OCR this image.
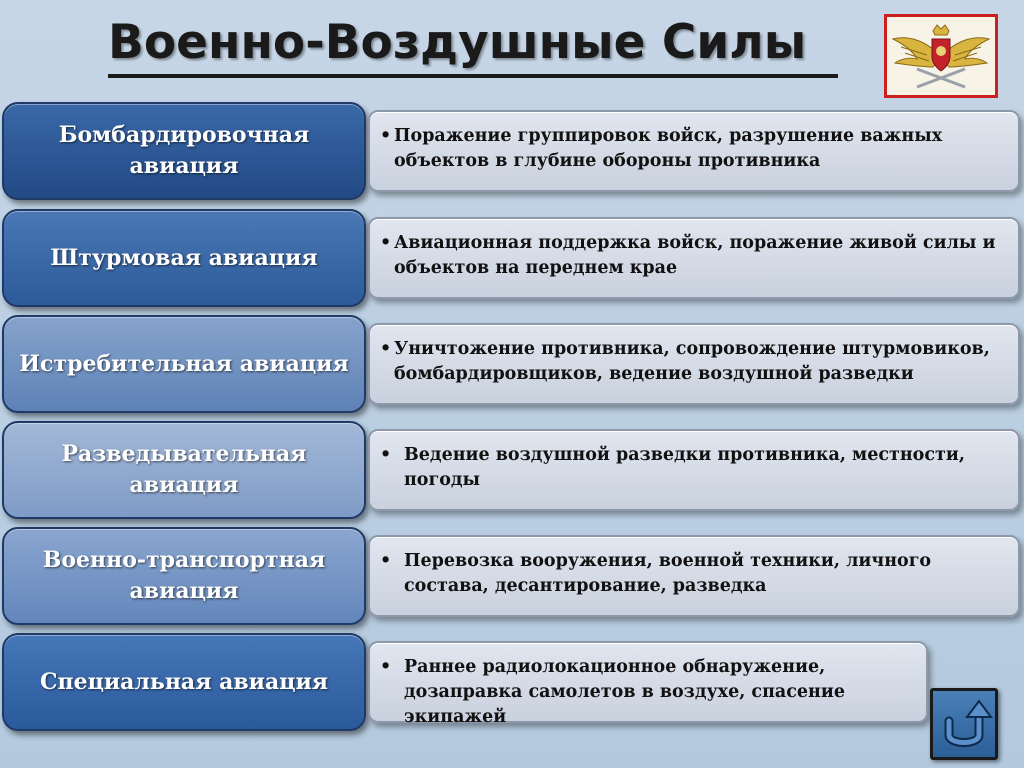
Военно-Воздушные Силы
Бомбардировочная авиация
• Поражение группировок войск, разрушение важных объектов в глубине обороны противника
Штурмовая авиация
• Авиационная поддержка войск, поражение живой силы и объектов на переднем крае
Истребительная авиация
• Уничтожение противника, сопровождение штурмовиков, бомбардировщиков, ведение воздушной разведки
Разведывательная авиация
• Ведение воздушной разведки противника, местности, погоды
Военно-транспортная авиация
• Перевозка вооружения, военной техники, личного состава, десантирование, разведка
Специальная авиация
• Раннее радиолокационное обнаружение, дозаправка самолетов в воздухе, спасение экипажей
